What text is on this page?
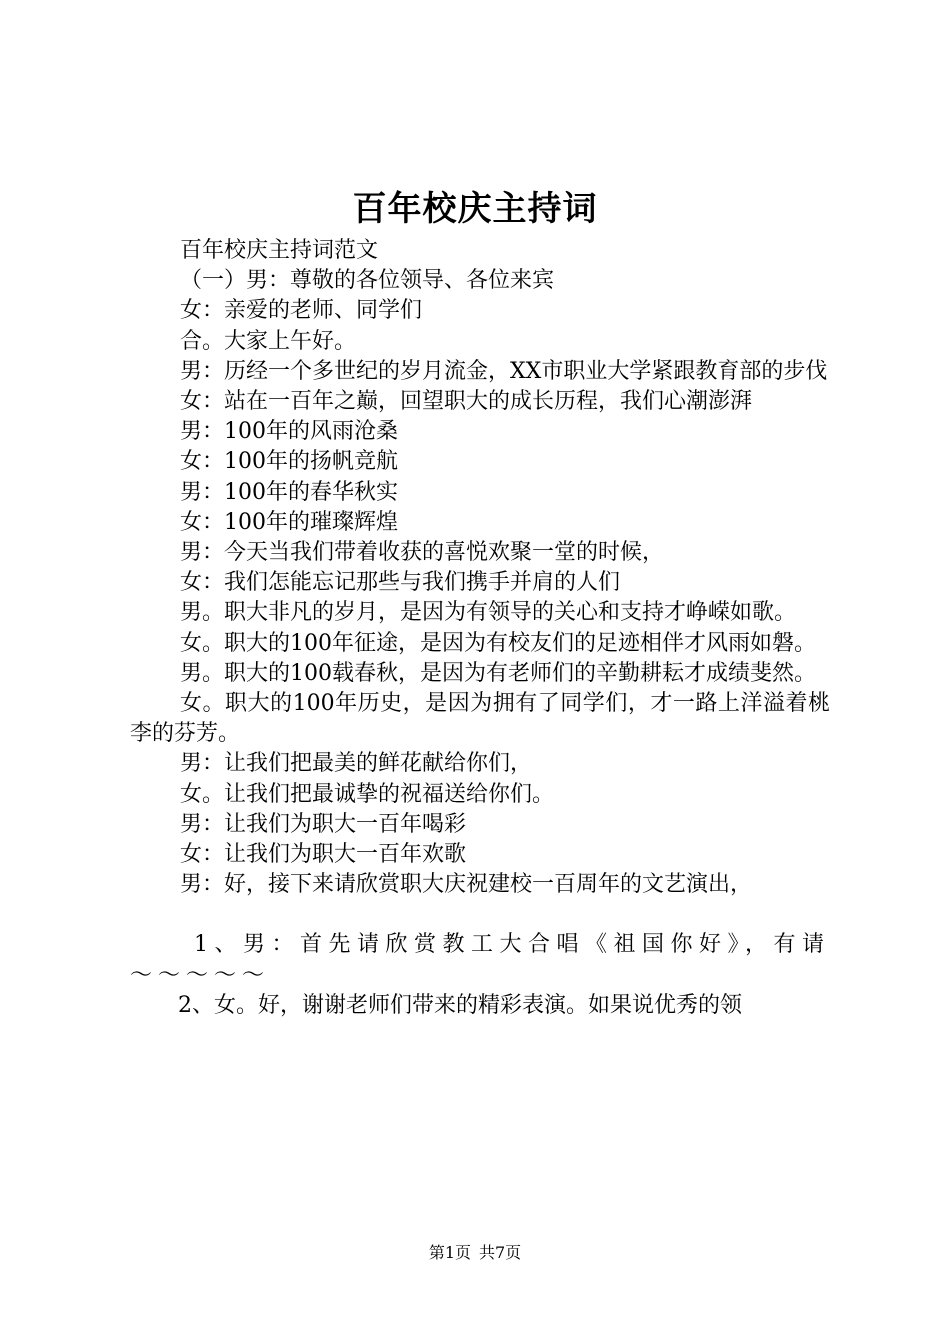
百年校庆主持词

百年校庆主持词范文

（一）男：尊敬的各位领导、各位来宾

女：亲爱的老师、同学们

合。大家上午好。

男：历经一个多世纪的岁月流金，XX市职业大学紧跟教育部的步伐

女：站在一百年之巅，回望职大的成长历程，我们心潮澎湃

男：100年的风雨沧桑

女：100年的扬帆竞航

男：100年的春华秋实

女：100年的璀璨辉煌

男：今天当我们带着收获的喜悦欢聚一堂的时候，

女：我们怎能忘记那些与我们携手并肩的人们

男。职大非凡的岁月，是因为有领导的关心和支持才峥嵘如歌。

女。职大的100年征途，是因为有校友们的足迹相伴才风雨如磐。

男。职大的100载春秋，是因为有老师们的辛勤耕耘才成绩斐然。

女。职大的100年历史，是因为拥有了同学们，才一路上洋溢着桃李的芬芳。

男：让我们把最美的鲜花献给你们，

女。让我们把最诚挚的祝福送给你们。

男：让我们为职大一百年喝彩

女：让我们为职大一百年欢歌

男：好，接下来请欣赏职大庆祝建校一百周年的文艺演出，

1、男：首先请欣赏教工大合唱《祖国你好》，有请～～～～～

2、女。好，谢谢老师们带来的精彩表演。如果说优秀的领

第1页 共7页
